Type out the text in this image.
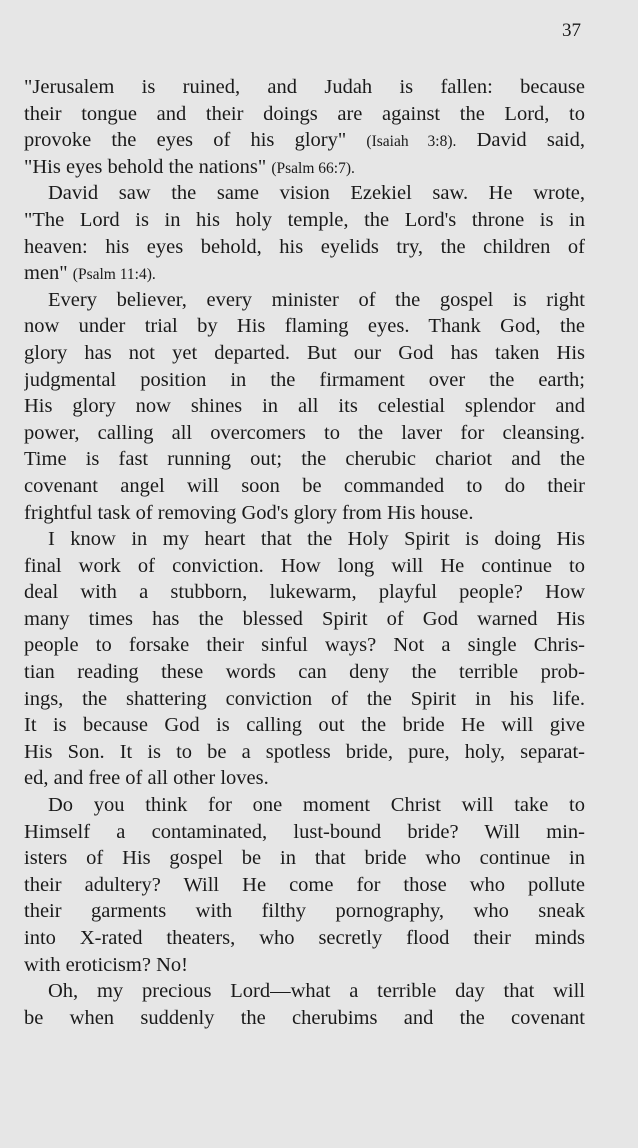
37
"Jerusalem is ruined, and Judah is fallen: because
their tongue and their doings are against the Lord, to
provoke the eyes of his glory" (Isaiah 3:8). David said,
"His eyes behold the nations" (Psalm 66:7).
David saw the same vision Ezekiel saw. He wrote,
"The Lord is in his holy temple, the Lord's throne is in
heaven: his eyes behold, his eyelids try, the children of
men" (Psalm 11:4).
Every believer, every minister of the gospel is right
now under trial by His flaming eyes. Thank God, the
glory has not yet departed. But our God has taken His
judgmental position in the firmament over the earth;
His glory now shines in all its celestial splendor and
power, calling all overcomers to the laver for cleansing.
Time is fast running out; the cherubic chariot and the
covenant angel will soon be commanded to do their
frightful task of removing God's glory from His house.
I know in my heart that the Holy Spirit is doing His
final work of conviction. How long will He continue to
deal with a stubborn, lukewarm, playful people? How
many times has the blessed Spirit of God warned His
people to forsake their sinful ways? Not a single Chris-
tian reading these words can deny the terrible prob-
ings, the shattering conviction of the Spirit in his life.
It is because God is calling out the bride He will give
His Son. It is to be a spotless bride, pure, holy, separat-
ed, and free of all other loves.
Do you think for one moment Christ will take to
Himself a contaminated, lust-bound bride? Will min-
isters of His gospel be in that bride who continue in
their adultery? Will He come for those who pollute
their garments with filthy pornography, who sneak
into X-rated theaters, who secretly flood their minds
with eroticism? No!
Oh, my precious Lord—what a terrible day that will
be when suddenly the cherubims and the covenant
